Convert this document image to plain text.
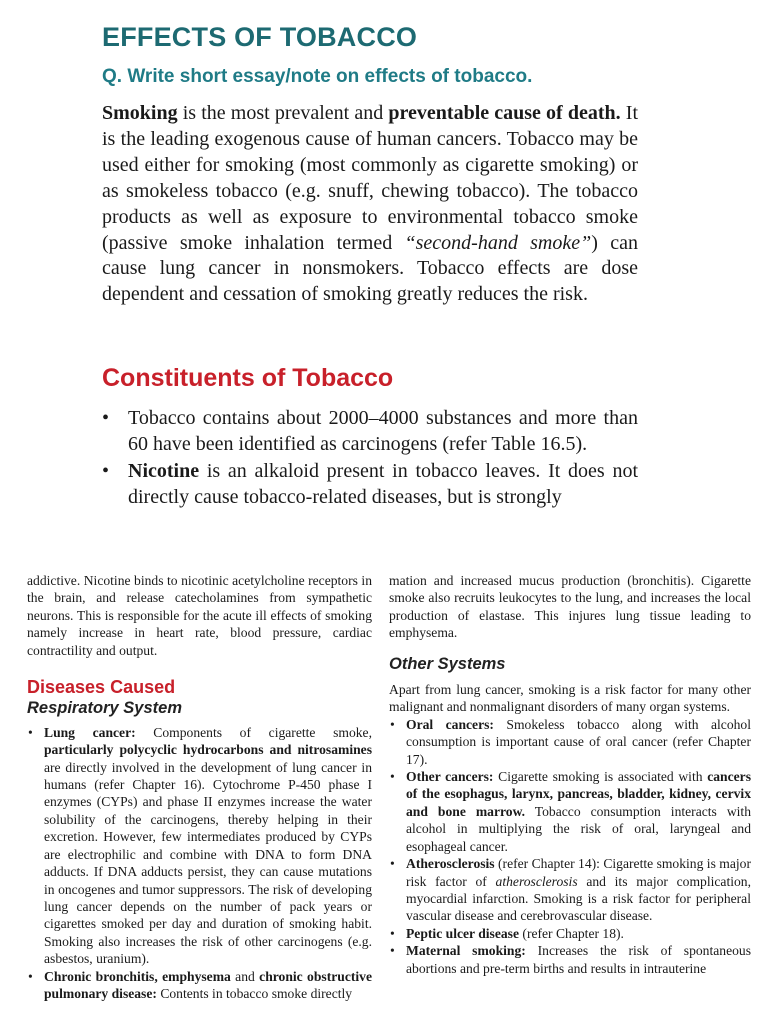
EFFECTS OF TOBACCO
Q. Write short essay/note on effects of tobacco.

Smoking is the most prevalent and preventable cause of death. It is the leading exogenous cause of human cancers. Tobacco may be used either for smoking (most commonly as cigarette smoking) or as smokeless tobacco (e.g. snuff, chewing tobacco). The tobacco products as well as exposure to environmental tobacco smoke (passive smoke inhalation termed “second-hand smoke”) can cause lung cancer in nonsmokers. Tobacco effects are dose dependent and cessation of smoking greatly reduces the risk.

Constituents of Tobacco
• Tobacco contains about 2000–4000 substances and more than 60 have been identified as carcinogens (refer Table 16.5).
• Nicotine is an alkaloid present in tobacco leaves. It does not directly cause tobacco-related diseases, but is strongly

addictive. Nicotine binds to nicotinic acetylcholine receptors in the brain, and release catecholamines from sympathetic neurons. This is responsible for the acute ill effects of smoking namely increase in heart rate, blood pressure, cardiac contractility and output.

Diseases Caused
Respiratory System
• Lung cancer: Components of cigarette smoke, particularly polycyclic hydrocarbons and nitrosamines are directly involved in the development of lung cancer in humans (refer Chapter 16). Cytochrome P-450 phase I enzymes (CYPs) and phase II enzymes increase the water solubility of the carcinogens, thereby helping in their excretion. However, few intermediates produced by CYPs are electrophilic and combine with DNA to form DNA adducts. If DNA adducts persist, they can cause mutations in oncogenes and tumor suppressors. The risk of developing lung cancer depends on the number of pack years or cigarettes smoked per day and duration of smoking habit. Smoking also increases the risk of other carcinogens (e.g. asbestos, uranium).
• Chronic bronchitis, emphysema and chronic obstructive pulmonary disease: Contents in tobacco smoke directly

mation and increased mucus production (bronchitis). Cigarette smoke also recruits leukocytes to the lung, and increases the local production of elastase. This injures lung tissue leading to emphysema.

Other Systems

Apart from lung cancer, smoking is a risk factor for many other malignant and nonmalignant disorders of many organ systems.

• Oral cancers: Smokeless tobacco along with alcohol consumption is important cause of oral cancer (refer Chapter 17).
• Other cancers: Cigarette smoking is associated with cancers of the esophagus, larynx, pancreas, bladder, kidney, cervix and bone marrow. Tobacco consumption interacts with alcohol in multiplying the risk of oral, laryngeal and esophageal cancer.
• Atherosclerosis (refer Chapter 14): Cigarette smoking is major risk factor of atherosclerosis and its major complication, myocardial infarction. Smoking is a risk factor for peripheral vascular disease and cerebrovascular disease.
• Peptic ulcer disease (refer Chapter 18).
• Maternal smoking: Increases the risk of spontaneous abortions and pre-term births and results in intrauterine
